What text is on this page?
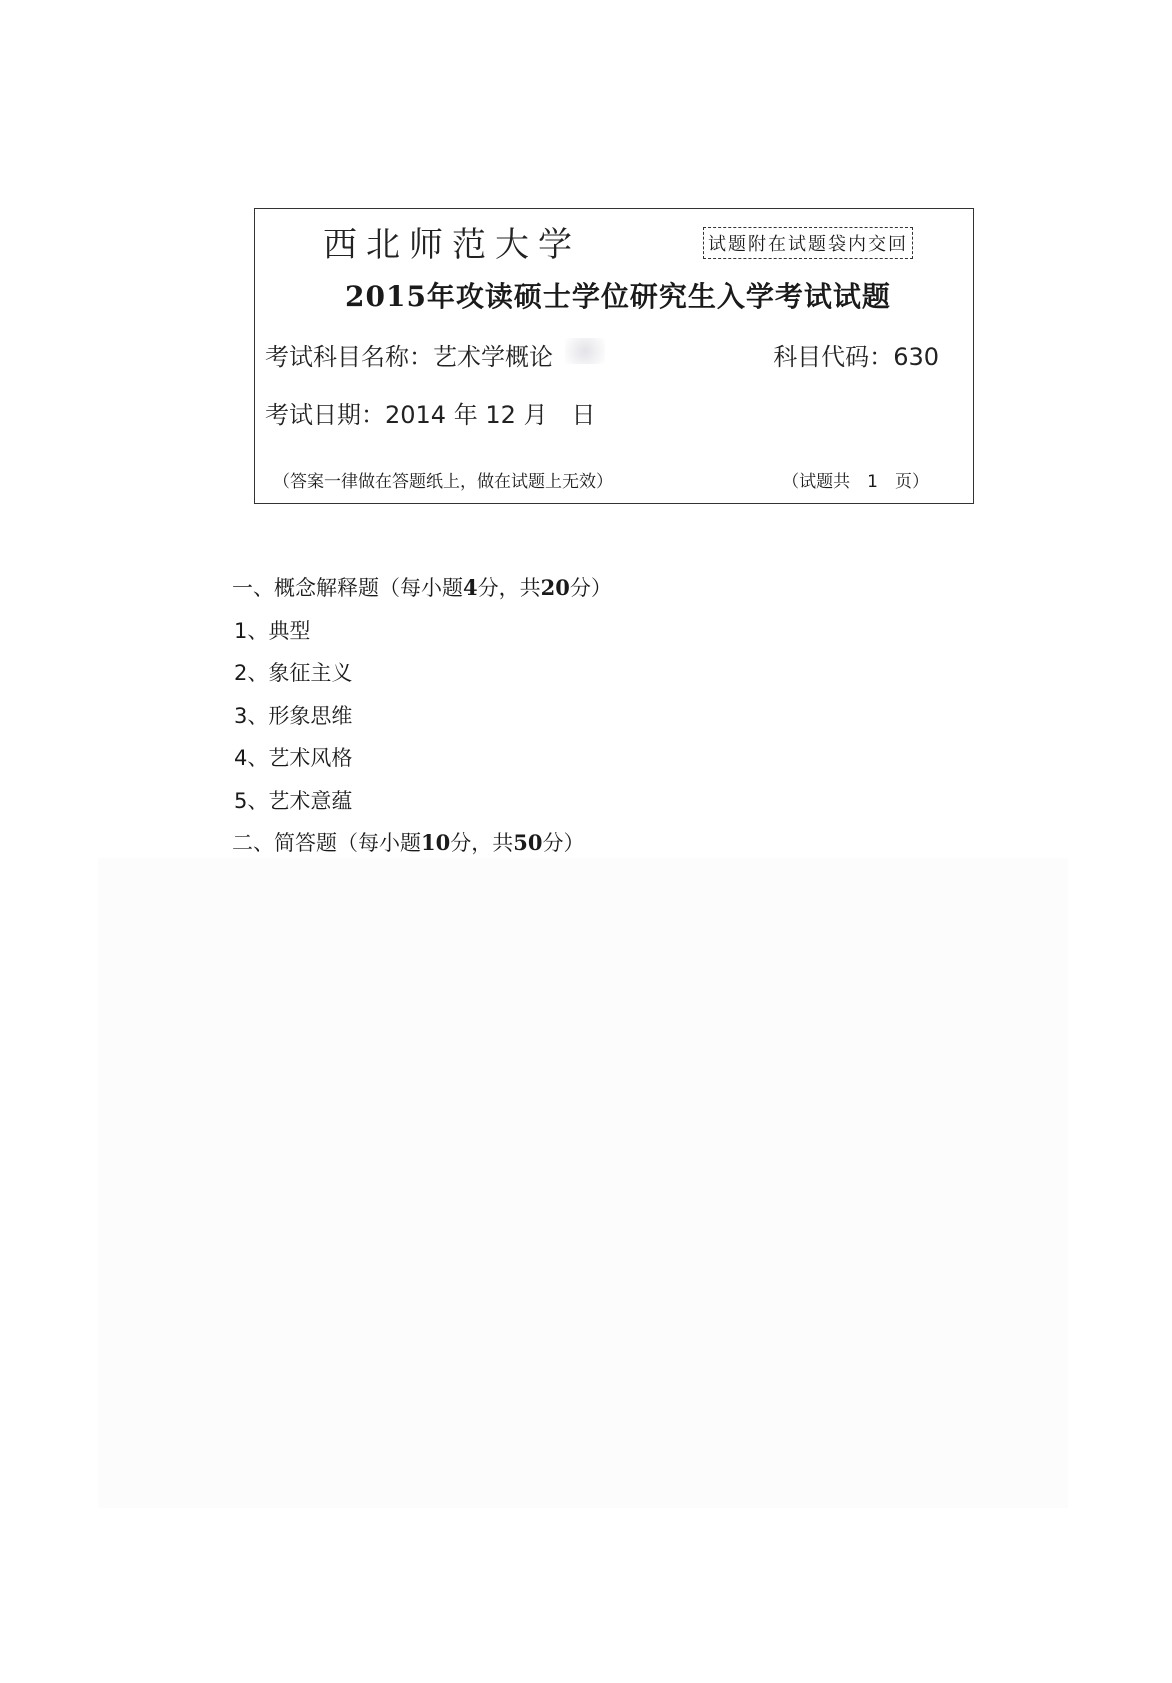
西北师范大学	试题附在试题袋内交回
2015年攻读硕士学位研究生入学考试试题
考试科目名称：艺术学概论	科目代码：630
考试日期：2014 年 12 月　日
（答案一律做在答题纸上，做在试题上无效）	（试题共　1　页）
一、概念解释题（每小题4分，共20分）
1、典型
2、象征主义
3、形象思维
4、艺术风格
5、艺术意蕴
二、简答题（每小题10分，共50分）
